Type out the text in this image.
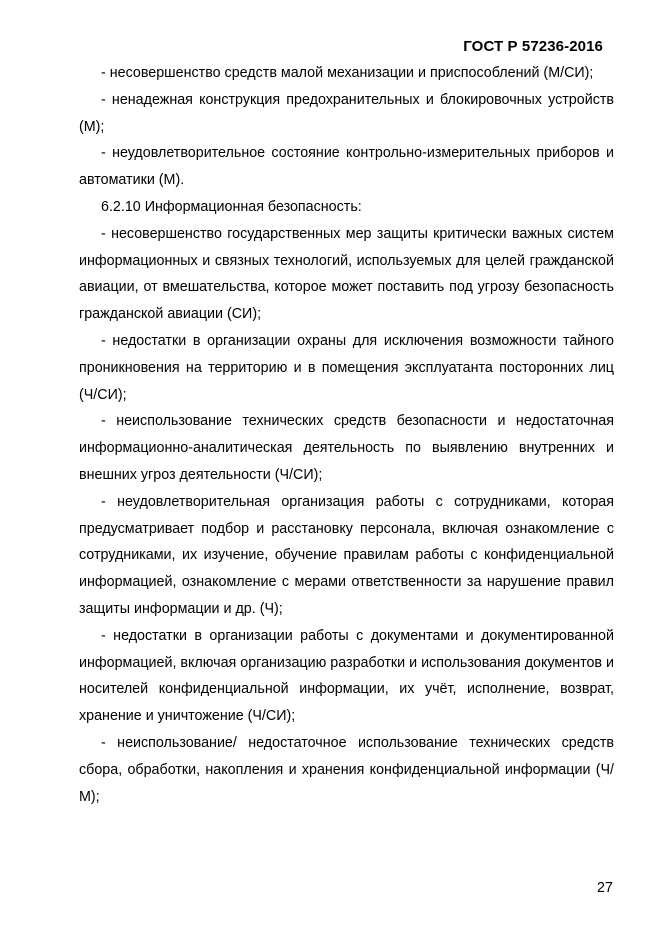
ГОСТ Р 57236-2016

- несовершенство средств малой механизации и приспособлений (М/СИ);

- ненадежная конструкция предохранительных и блокировочных устройств (М);

- неудовлетворительное состояние контрольно-измерительных приборов и автоматики (М).

6.2.10 Информационная безопасность:

- несовершенство государственных мер защиты критически важных систем информационных и связных технологий, используемых для целей гражданской авиации, от вмешательства, которое может поставить под угрозу безопасность гражданской авиации (СИ);

- недостатки в организации охраны для исключения возможности тайного проникновения на территорию и в помещения эксплуатанта посторонних лиц (Ч/СИ);

- неиспользование технических средств безопасности и недостаточная информационно-аналитическая деятельность по выявлению внутренних и внешних угроз деятельности (Ч/СИ);

- неудовлетворительная организация работы с сотрудниками, которая предусматривает подбор и расстановку персонала, включая ознакомление с сотрудниками, их изучение, обучение правилам работы с конфиденциальной информацией, ознакомление с мерами ответственности за нарушение правил защиты информации и др. (Ч);

- недостатки в организации работы с документами и документированной информацией, включая организацию разработки и использования документов и носителей конфиденциальной информации, их учёт, исполнение, возврат, хранение и уничтожение (Ч/СИ);

- неиспользование/ недостаточное использование технических средств сбора, обработки, накопления и хранения конфиденциальной информации (Ч/М);

27
